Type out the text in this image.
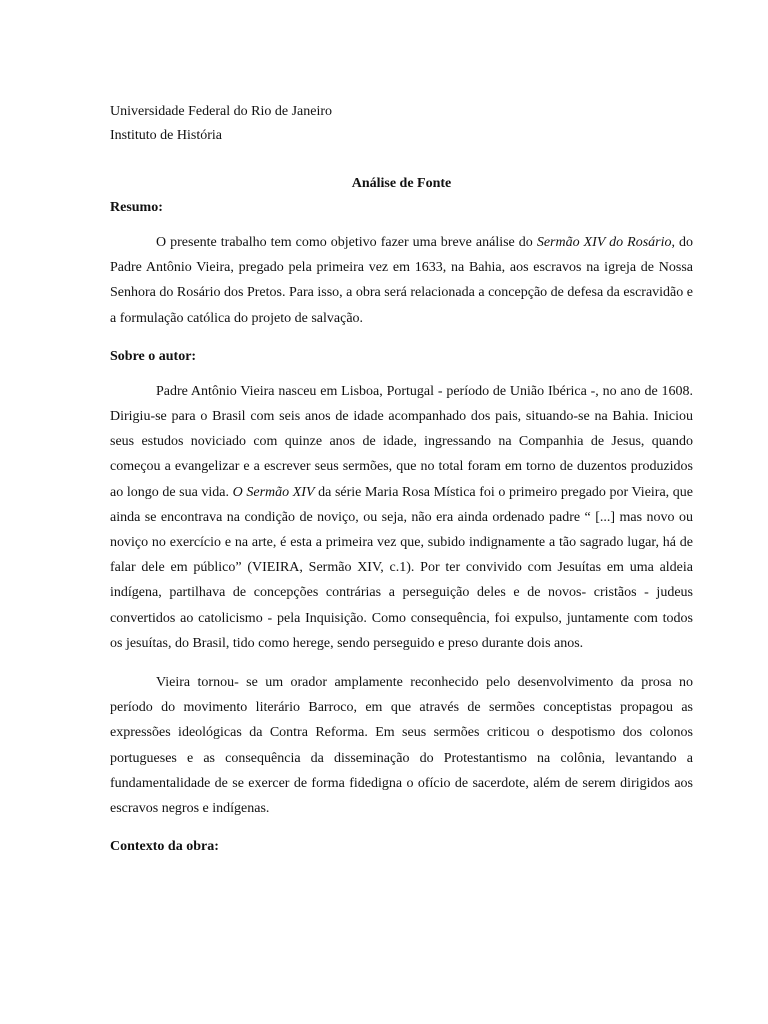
Universidade Federal do Rio de Janeiro

Instituto de História

Análise de Fonte

Resumo:

O presente trabalho tem como objetivo fazer uma breve análise do Sermão XIV do Rosário, do Padre Antônio Vieira, pregado pela primeira vez em 1633, na Bahia, aos escravos na igreja de Nossa Senhora do Rosário dos Pretos. Para isso, a obra será relacionada a concepção de defesa da escravidão e a formulação católica do projeto de salvação.

Sobre o autor:

Padre Antônio Vieira nasceu em Lisboa, Portugal - período de União Ibérica -, no ano de 1608. Dirigiu-se para o Brasil com seis anos de idade acompanhado dos pais, situando-se na Bahia. Iniciou seus estudos noviciado com quinze anos de idade, ingressando na Companhia de Jesus, quando começou a evangelizar e a escrever seus sermões, que no total foram em torno de duzentos produzidos ao longo de sua vida. O Sermão XIV da série Maria Rosa Mística foi o primeiro pregado por Vieira, que ainda se encontrava na condição de noviço, ou seja, não era ainda ordenado padre “ [...] mas novo ou noviço no exercício e na arte, é esta a primeira vez que, subido indignamente a tão sagrado lugar, há de falar dele em público” (VIEIRA, Sermão XIV, c.1). Por ter convivido com Jesuítas em uma aldeia indígena, partilhava de concepções contrárias a perseguição deles e de novos- cristãos - judeus convertidos ao catolicismo - pela Inquisição. Como consequência, foi expulso, juntamente com todos os jesuítas, do Brasil, tido como herege, sendo perseguido e preso durante dois anos.

Vieira tornou- se um orador amplamente reconhecido pelo desenvolvimento da prosa no período do movimento literário Barroco, em que através de sermões conceptistas propagou as expressões ideológicas da Contra Reforma. Em seus sermões criticou o despotismo dos colonos portugueses e as consequência da disseminação do Protestantismo na colônia, levantando a fundamentalidade de se exercer de forma fidedigna o ofício de sacerdote, além de serem dirigidos aos escravos negros e indígenas.

Contexto da obra:
